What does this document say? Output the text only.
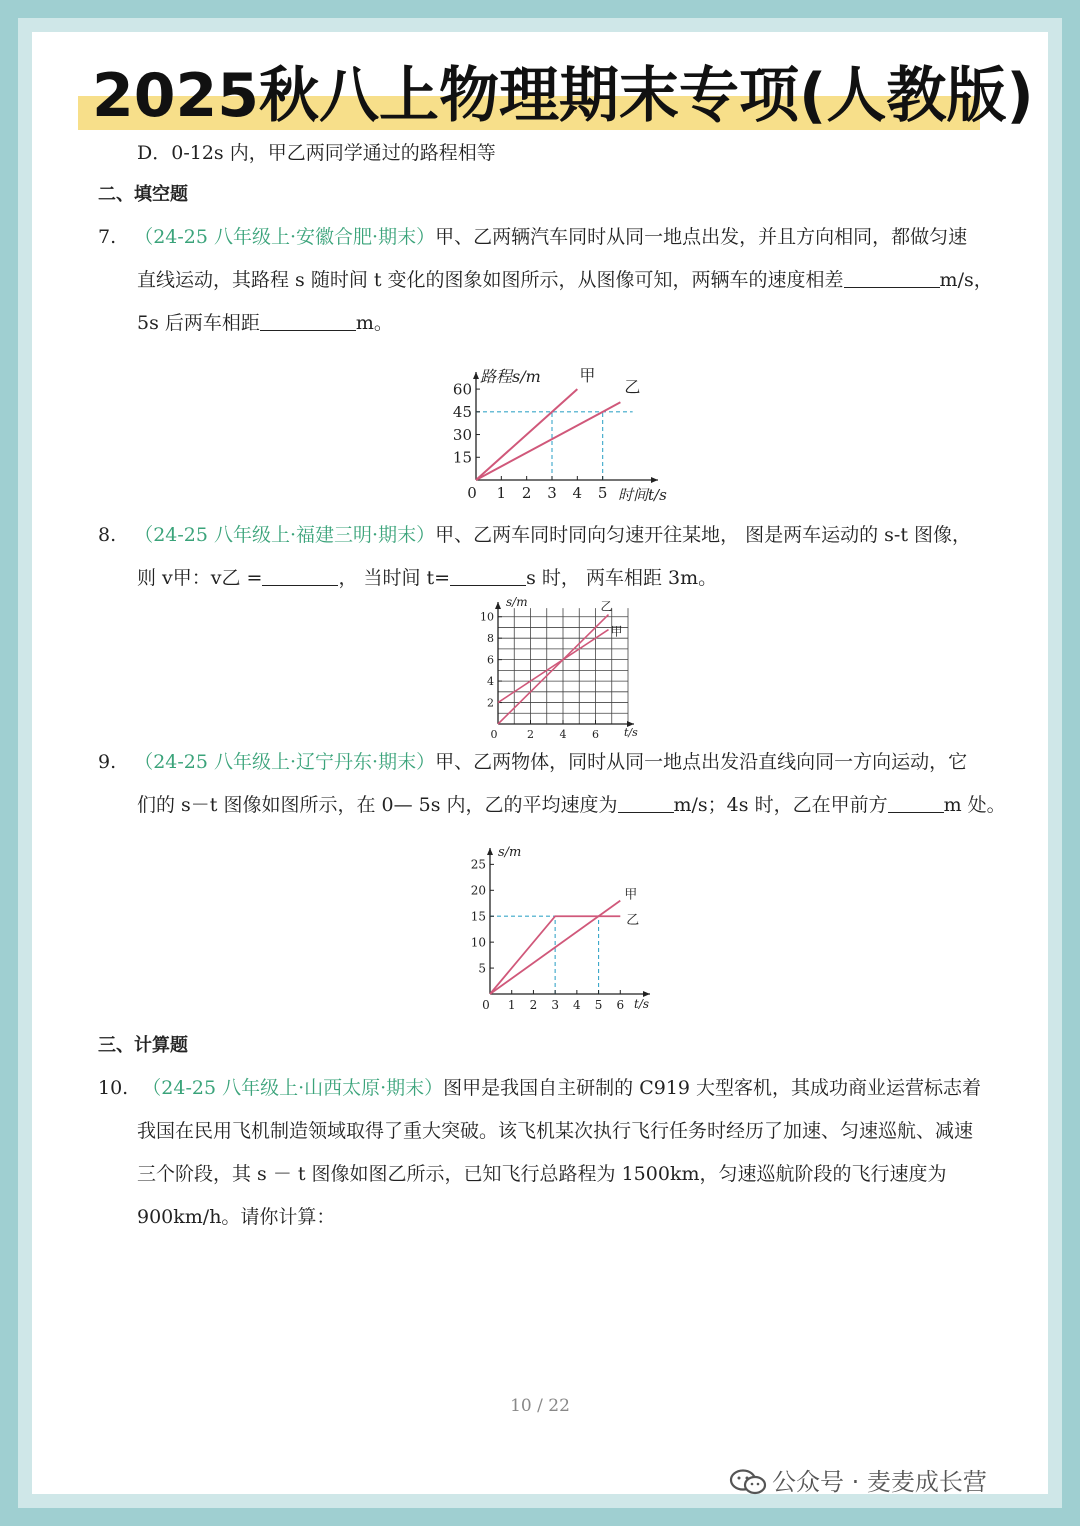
2025秋八上物理期末专项(人教版)
D．0-12s 内，甲乙两同学通过的路程相等
二、填空题
7. （24-25 八年级上·安徽合肥·期末）甲、乙两辆汽车同时从同一地点出发，并且方向相同，都做匀速
直线运动，其路程 s 随时间 t 变化的图象如图所示，从图像可知，两辆车的速度相差	m/s，
5s 后两车相距	m。
0 1 2 3 4 5
15
30
45
60
甲
乙
路程s/m
时间t/s
8. （24-25 八年级上·福建三明·期末）甲、乙两车同时同向匀速开往某地， 图是两车运动的 s-t 图像，
则 v甲：v乙 =	， 当时间 t=	s 时， 两车相距 3m。
0	2 4 6
2
4
6
8
10
乙
甲
s/m
t/s
9. （24-25 八年级上·辽宁丹东·期末）甲、乙两物体，同时从同一地点出发沿直线向同一方向运动，它
们的 s－t 图像如图所示，在 0— 5s 内，乙的平均速度为	m/s；4s 时，乙在甲前方	m 处。
0 1 2 3 4 5 6
5
10
15
20
25
甲
乙
s/m
t/s
三、计算题
10. （24-25 八年级上·山西太原·期末）图甲是我国自主研制的 C919 大型客机，其成功商业运营标志着
我国在民用飞机制造领域取得了重大突破。该飞机某次执行飞行任务时经历了加速、匀速巡航、减速
三个阶段，其 s － t 图像如图乙所示，已知飞行总路程为 1500km，匀速巡航阶段的飞行速度为
900km/h。请你计算：
10 / 22
公众号 · 麦麦成长营
